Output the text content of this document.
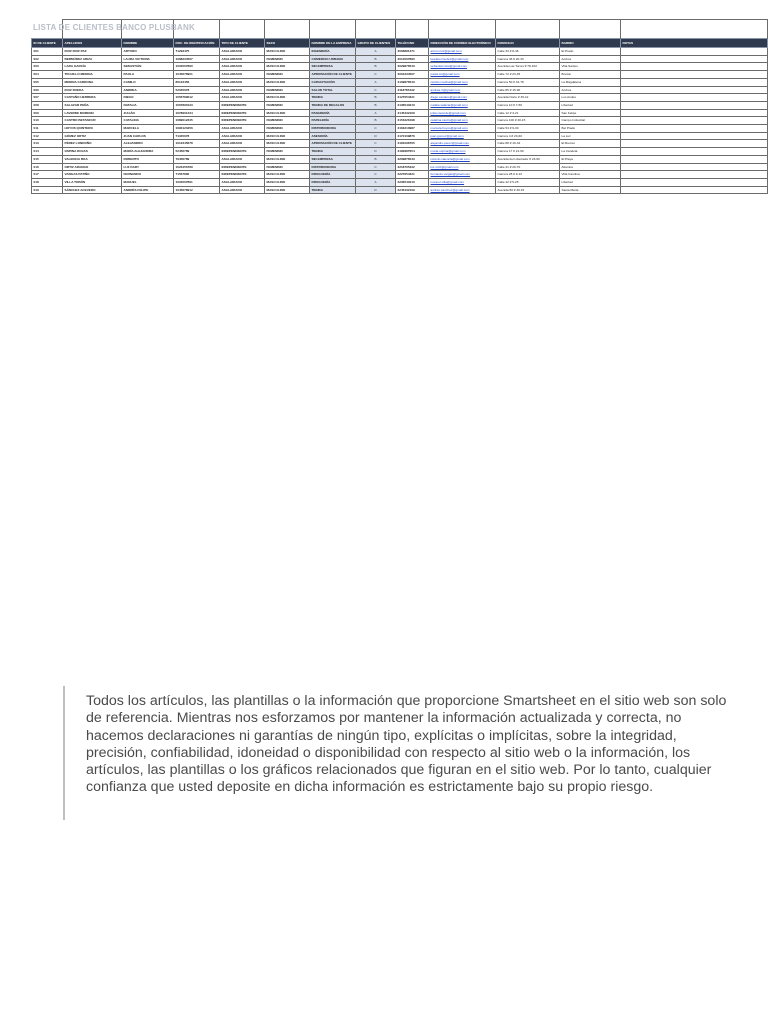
LISTA DE CLIENTES BANCO PLUSBANK

ID DE CLIENTE	APELLIDOS	NOMBRE	DOC. DE IDENTIFICACIÓN	TIPO DE CLIENTE	SEXO	NOMBRE DE LA EMPRESA	GRUPO DE CLIENTES	TELÉFONO	DIRECCIÓN DE CORREO ELECTRÓNICO	DOMICILIO	BARRIO	NOTAS
001	RUIZ RUIZ PAZ	ARTURO	71293475	ASALARIADO	MASCULINO	INGENIERÍA	A	3006881471	arturo.ruiz@gmail.com	Calle 33 # 8-46	El Prado	
002	BERMÚDEZ ARIZA	LAURA VICTORIA	1098234567	ASALARIADO	FEMENINO	COMERCIO URBANO	B	3014567890	laurabermudez@gmail.com	Carrera 46 # 20-33	Ambos	
003	LARA GARCÍA	SEBASTIÁN	1034567890	ASALARIADO	MASCULINO	SIN EMPRESA	B	3029876543	sebastian.lara@gmail.com	Avenida Las Torres # 78-102	Villa Santos	
004	TRUJILLO MEDINA	PAOLA	1045678901	ASALARIADO	FEMENINO	APROBACIÓN DE CLIENTE	C	3001234567	paola.tm@gmail.com	Calle 72 # 23-45	Boston	
005	MEDINA CARDONA	CAMILO	80123456	ASALARIADO	MASCULINO	CAPACITACIÓN	A	3109876543	camilo.medina@gmail.com	Carrera 50 # 34-78	La Magdalena	
006	RUIZ RUEDA	ANDREA	52345678	ASALARIADO	FEMENINO	SALUD TOTAL	C	3118765432	andrea.rr@gmail.com	Calle 85 # 15-90	Ambos	
007	CASTAÑO HERRERA	DIEGO	1056789012	ASALARIADO	MASCULINO	TIENDA	B	3127654321	diego.castano@gmail.com	Avenida Norte # 45-12	Los Andes	
008	SALAZAR PEÑA	NATALIA	1067890123	INDEPENDIENTE	FEMENINO	TIENDA DE REGALOS	B	3136543210	natalia.salazar@gmail.com	Carrera 10 # 7-56	Libertad	
009	LAVERDE MORENO	JULIÁN	1078901234	INDEPENDIENTE	MASCULINO	PANADERÍA	A	3145432109	julian.laverde@gmail.com	Calle 12 # 3-21	San Felipe	
010	CASTRO BETANCUR	CATALINA	1089012345	INDEPENDIENTE	FEMENINO	PAPELERÍA	B	3154321098	catalina.castro@gmail.com	Carrera 100 # 20-15	Campo Industrial	
011	HOYOS QUINTERO	MARCELA	1090123456	ASALARIADO	FEMENINO	DISTRIBUIDORA	C	3163210987	marcela.hoyos@gmail.com	Calle 54 # 9-30	Bel Prado	
012	GÓMEZ ORTIZ	JUAN CARLOS	71345678	ASALARIADO	MASCULINO	ASESORÍA	D	3172109876	juan.gomez@gmail.com	Carrera 4 # 23-60	La Luz	
013	PÉREZ LONDOÑO	ALEJANDRO	1012345678	ASALARIADO	MASCULINO	APROBACIÓN DE CLIENTE	C	3181098765	alejandro.perez@gmail.com	Calle 88 # 16-34	El Recreo	
014	OSPINA ROJAS	MARÍA ALEJANDRA	52456789	INDEPENDIENTE	FEMENINO	TIENDA	D	3190987654	maria.ospina@gmail.com	Carrera 17 # 21-60	La Candela	
015	VALENCIA ROA	ROBERTO	79456789	ASALARIADO	MASCULINO	SIN EMPRESA	B	3209876543	roberto.valencia@gmail.com	Avenida del Libertador # 23-60	El Playa	
016	ORTIZ ARANGO	LUZ DARY	1023456789	INDEPENDIENTE	FEMENINO	DISTRIBUIDORA	C	3218765432	luz.ortiz@gmail.com	Calle 41 # 29-70	Altamira	
017	VARGAS PATIÑO	FERNANDO	71567890	INDEPENDIENTE	MASCULINO	DROGUERÍA	C	3227654321	fernando.vargas@gmail.com	Carrera 28 # 9-12	Villa Carolina	
018	VILLA TOBÓN	MANUEL	1034567891	ASALARIADO	MASCULINO	DROGUERÍA	A	3236543210	manuel.villa@gmail.com	Calle 42 # 5-25	Libertad	
019	SÁNCHEZ ACEVEDO	ANDRÉS FELIPE	1045678912	ASALARIADO	MASCULINO	TIENDA	D	3245432109	andres.sanchez@gmail.com	Avenida 80 # 30-15	Santa María	

Todos los artículos, las plantillas o la información que proporcione Smartsheet en el sitio web son solo de referencia. Mientras nos esforzamos por mantener la información actualizada y correcta, no hacemos declaraciones ni garantías de ningún tipo, explícitas o implícitas, sobre la integridad, precisión, confiabilidad, idoneidad o disponibilidad con respecto al sitio web o la información, los artículos, las plantillas o los gráficos relacionados que figuran en el sitio web. Por lo tanto, cualquier confianza que usted deposite en dicha información es estrictamente bajo su propio riesgo.
